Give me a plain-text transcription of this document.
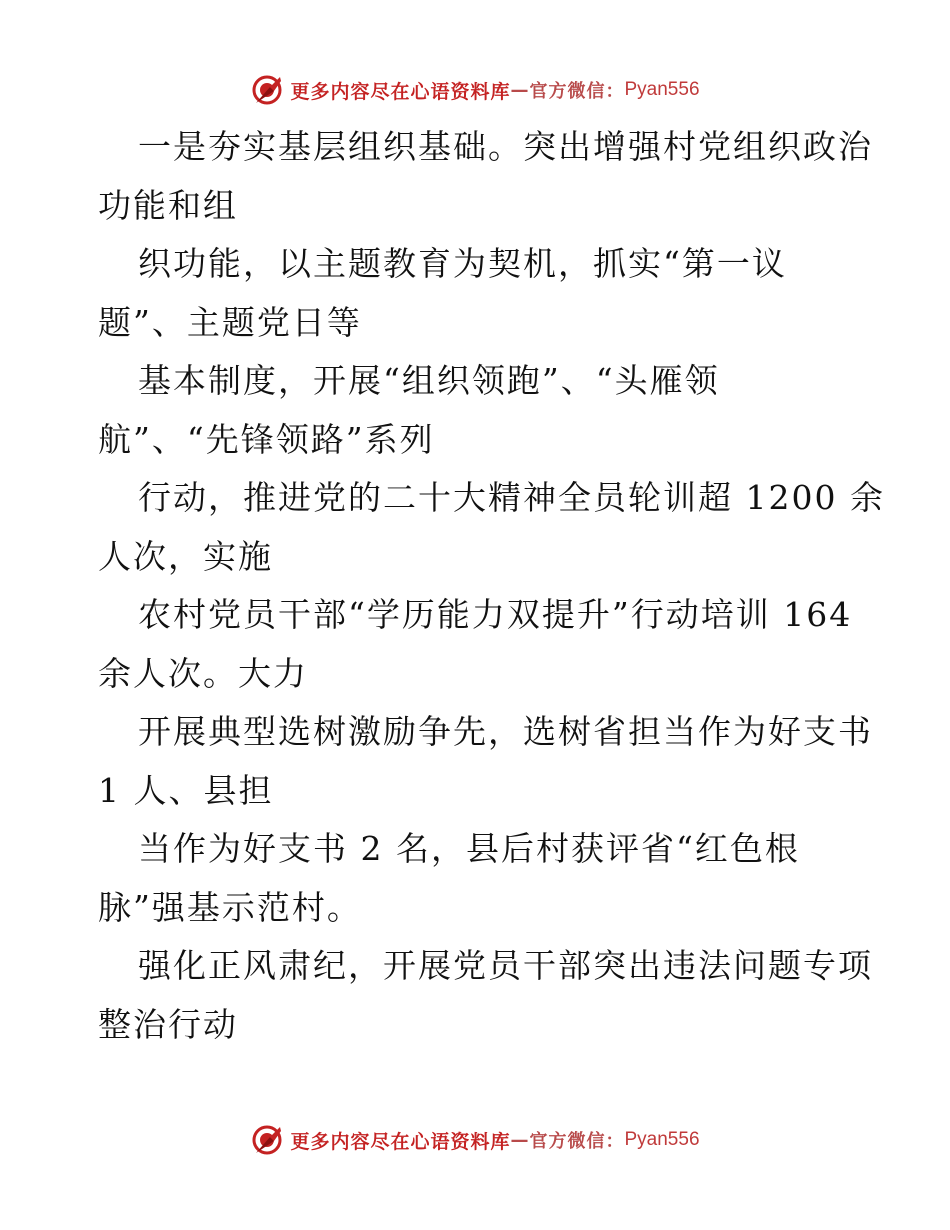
更多内容尽在心语资料库 — 官方微信： Pyan556
一是夯实基层组织基础。突出增强村党组织政治
功能和组
织功能，以主题教育为契机，抓实“第一议
题”、主题党日等
基本制度，开展“组织领跑”、“头雁领
航”、“先锋领路”系列
行动，推进党的二十大精神全员轮训超 1200 余
人次，实施
农村党员干部“学历能力双提升”行动培训 164
余人次。大力
开展典型选树激励争先，选树省担当作为好支书
1 人、县担
当作为好支书 2 名，县后村获评省“红色根
脉”强基示范村。
强化正风肃纪，开展党员干部突出违法问题专项
整治行动
更多内容尽在心语资料库 — 官方微信： Pyan556
